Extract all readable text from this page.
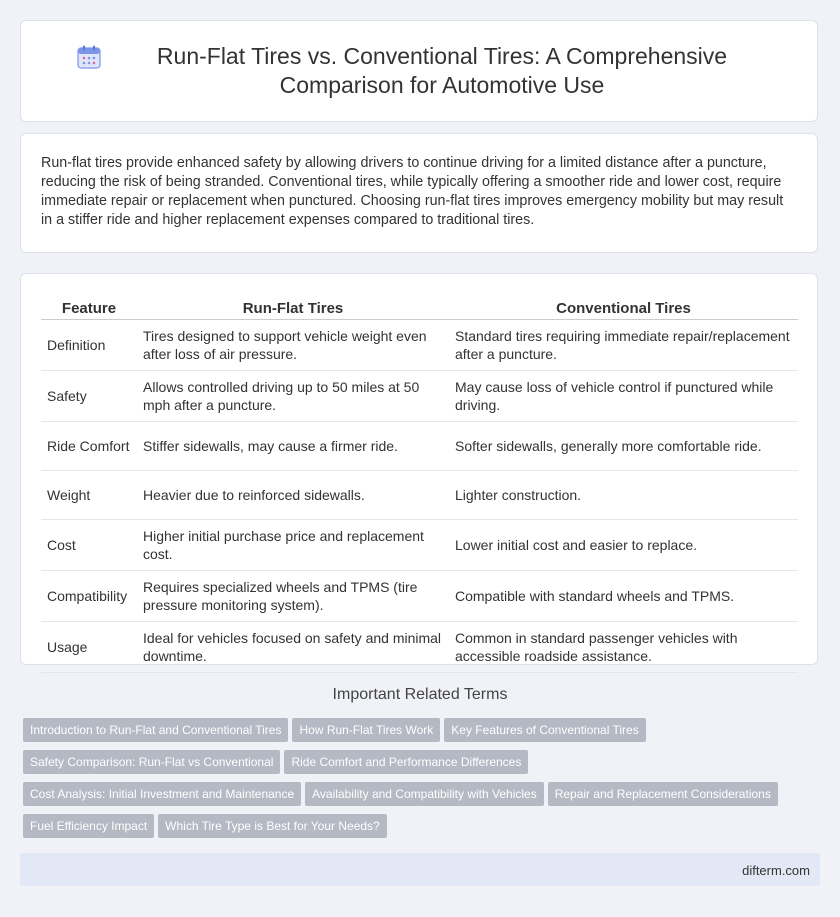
Run-Flat Tires vs. Conventional Tires: A Comprehensive Comparison for Automotive Use

Run-flat tires provide enhanced safety by allowing drivers to continue driving for a limited distance after a puncture, reducing the risk of being stranded. Conventional tires, while typically offering a smoother ride and lower cost, require immediate repair or replacement when punctured. Choosing run-flat tires improves emergency mobility but may result in a stiffer ride and higher replacement expenses compared to traditional tires.

Feature	Run-Flat Tires	Conventional Tires
Definition	Tires designed to support vehicle weight even after loss of air pressure.	Standard tires requiring immediate repair/replacement after a puncture.
Safety	Allows controlled driving up to 50 miles at 50 mph after a puncture.	May cause loss of vehicle control if punctured while driving.
Ride Comfort	Stiffer sidewalls, may cause a firmer ride.	Softer sidewalls, generally more comfortable ride.
Weight	Heavier due to reinforced sidewalls.	Lighter construction.
Cost	Higher initial purchase price and replacement cost.	Lower initial cost and easier to replace.
Compatibility	Requires specialized wheels and TPMS (tire pressure monitoring system).	Compatible with standard wheels and TPMS.
Usage	Ideal for vehicles focused on safety and minimal downtime.	Common in standard passenger vehicles with accessible roadside assistance.
Important Related Terms
Introduction to Run-Flat and Conventional Tires How Run-Flat Tires Work Key Features of Conventional Tires
Safety Comparison: Run-Flat vs Conventional Ride Comfort and Performance Differences
Cost Analysis: Initial Investment and Maintenance Availability and Compatibility with Vehicles Repair and Replacement Considerations
Fuel Efficiency Impact Which Tire Type is Best for Your Needs?
difterm.com
